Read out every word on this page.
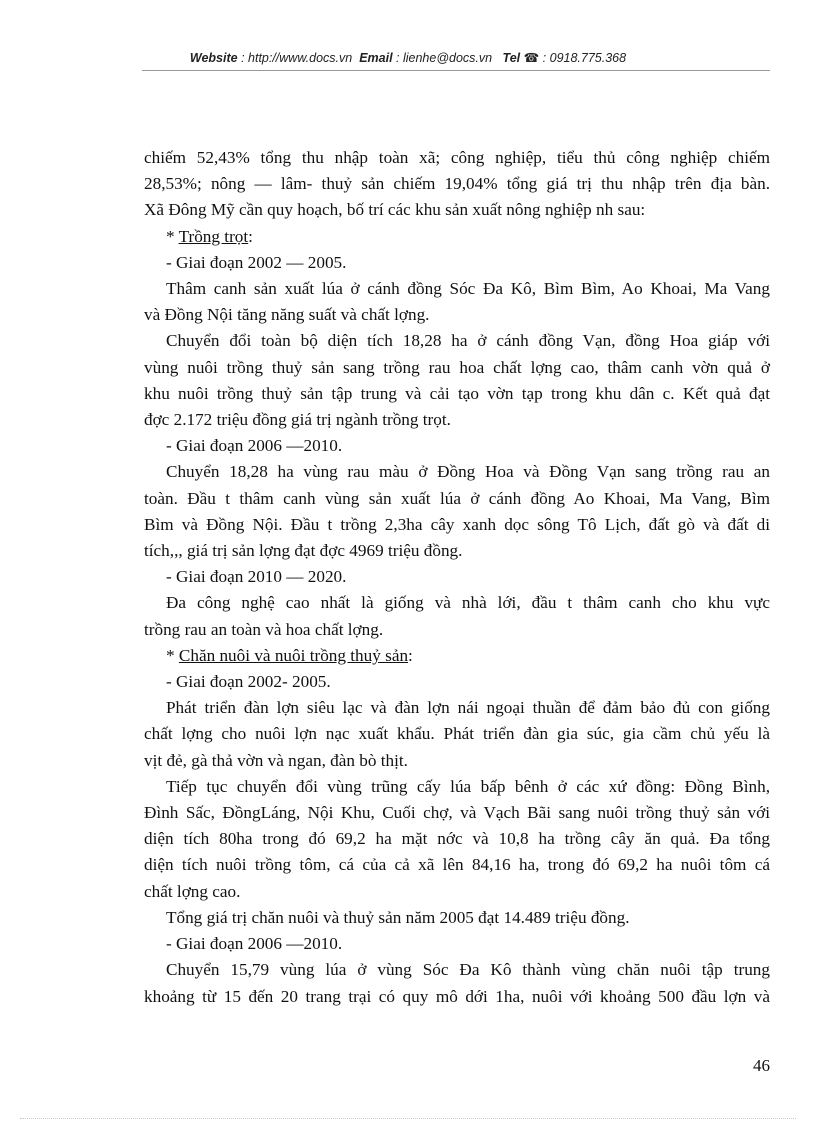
Website : http://www.docs.vn Email : lienhe@docs.vn Tel ☎ : 0918.775.368
chiếm 52,43% tổng thu nhập toàn xã; công nghiệp, tiểu thủ công nghiệp chiếm
28,53%; nông — lâm- thuỷ sản chiếm 19,04% tổng giá trị thu nhập trên địa bàn.
Xã Đông Mỹ cần quy hoạch, bố trí các khu sản xuất nông nghiệp nh sau:
* Trồng trọt:
- Giai đoạn 2002 — 2005.
Thâm canh sản xuất lúa ở cánh đồng Sóc Đa Kô, Bìm Bìm, Ao Khoai, Ma Vang
và Đồng Nội tăng năng suất và chất lợng.
Chuyển đổi toàn bộ diện tích 18,28 ha ở cánh đồng Vạn, đồng Hoa giáp với
vùng nuôi trồng thuỷ sản sang trồng rau hoa chất lợng cao, thâm canh vờn quả ở
khu nuôi trồng thuỷ sản tập trung và cải tạo vờn tạp trong khu dân c. Kết quả đạt
đợc 2.172 triệu đồng giá trị ngành trồng trọt.
- Giai đoạn 2006 —2010.
Chuyển 18,28 ha vùng rau màu ở Đồng Hoa và Đồng Vạn sang trồng rau an
toàn. Đầu t thâm canh vùng sản xuất lúa ở cánh đồng Ao Khoai, Ma Vang, Bìm
Bìm và Đồng Nội. Đầu t trồng 2,3ha cây xanh dọc sông Tô Lịch, đất gò và đất di
tích,,, giá trị sản lợng đạt đợc 4969 triệu đồng.
- Giai đoạn 2010 — 2020.
Đa công nghệ cao nhất là giống và nhà lới, đầu t thâm canh cho khu vực
trồng rau an toàn và hoa chất lợng.
* Chăn nuôi và nuôi trồng thuỷ sản:
- Giai đoạn 2002- 2005.
Phát triển đàn lợn siêu lạc và đàn lợn nái ngoại thuần để đảm bảo đủ con giống
chất lợng cho nuôi lợn nạc xuất khẩu. Phát triển đàn gia súc, gia cầm chủ yếu là
vịt đẻ, gà thả vờn và ngan, đàn bò thịt.
Tiếp tục chuyển đổi vùng trũng cấy lúa bấp bênh ở các xứ đồng: Đồng Bình,
Đình Sấc, ĐồngLáng, Nội Khu, Cuối chợ, và Vạch Bãi sang nuôi trồng thuỷ sản với
diện tích 80ha trong đó 69,2 ha mặt nớc và 10,8 ha trồng cây ăn quả. Đa tổng
diện tích nuôi trồng tôm, cá của cả xã lên 84,16 ha, trong đó 69,2 ha nuôi tôm cá
chất lợng cao.
Tổng giá trị chăn nuôi và thuỷ sản năm 2005 đạt 14.489 triệu đồng.
- Giai đoạn 2006 —2010.
Chuyển 15,79 vùng lúa ở vùng Sóc Đa Kô thành vùng chăn nuôi tập trung
khoảng từ 15 đến 20 trang trại có quy mô dới 1ha, nuôi với khoảng 500 đầu lợn và
46
